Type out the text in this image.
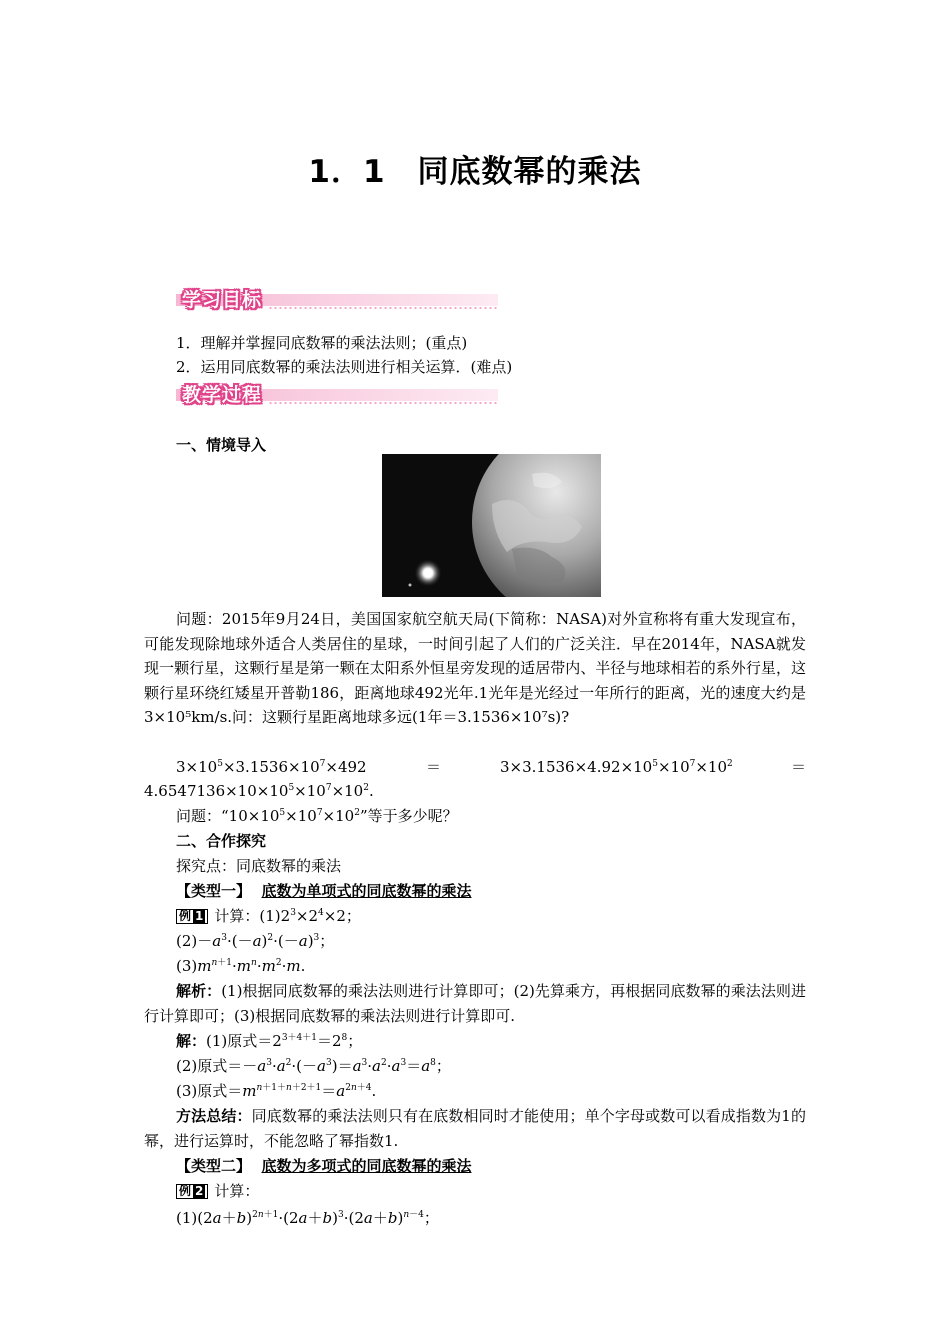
1．1　同底数幂的乘法
学习目标
1．理解并掌握同底数幂的乘法法则；(重点)
2．运用同底数幂的乘法法则进行相关运算．(难点)
教学过程
一、情境导入
问题：2015年9月24日，美国国家航空航天局(下简称：NASA)对外宣称将有重大发现宣布，可能发现除地球外适合人类居住的星球，一时间引起了人们的广泛关注．早在2014年，NASA就发现一颗行星，这颗行星是第一颗在太阳系外恒星旁发现的适居带内、半径与地球相若的系外行星，这颗行星环绕红矮星开普勒186，距离地球492光年.1光年是光经过一年所行的距离，光的速度大约是3×10⁵km/s.问：这颗行星距离地球多远(1年＝3.1536×10⁷s)?
$3\times 10^5\times 3.1536\times 10^7\times 492$	＝	$3\times 3.1536\times 4.92\times 10^5\times 10^7\times 10^2$	＝
$4.6547136\times 10\times 10^5\times 10^7\times 10^2$.
问题：“$10\times 10^5\times 10^7\times 10^2$”等于多少呢？
二、合作探究
探究点：同底数幂的乘法
【类型一】 底数为单项式的同底数幂的乘法
例 1 计算：$(1)2^3\times 2^4\times 2$；
$(2)-a^3\cdot(-a)^2\cdot(-a)^3$；
$(3)m^{n+1}\cdot m^n\cdot m^2\cdot m$.
解析：(1)根据同底数幂的乘法法则进行计算即可；(2)先算乘方，再根据同底数幂的乘法法则进行计算即可；(3)根据同底数幂的乘法法则进行计算即可.
解：(1)原式$=2^{3+4+1}=2^8$；
(2)原式$=-a^3\cdot a^2\cdot(-a^3)=a^3\cdot a^2\cdot a^3=a^8$；
(3)原式$=m^{n+1+n+2+1}=a^{2n+4}$.
方法总结：同底数幂的乘法法则只有在底数相同时才能使用；单个字母或数可以看成指数为1的幂，进行运算时，不能忽略了幂指数1.
【类型二】 底数为多项式的同底数幂的乘法
例 2 计算：
$(1)(2a+b)^{2n+1}\cdot(2a+b)^3\cdot(2a+b)^{n-4}$；
